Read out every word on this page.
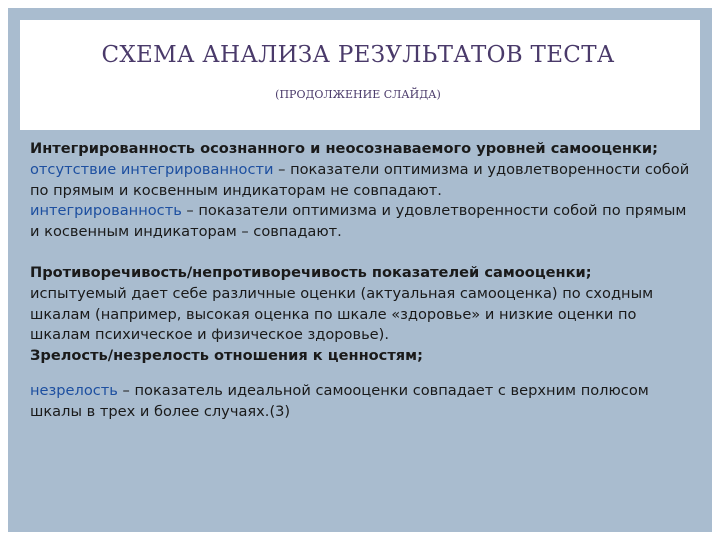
СХЕМА АНАЛИЗА РЕЗУЛЬТАТОВ ТЕСТА
(ПРОДОЛЖЕНИЕ СЛАЙДА)

Интегрированность осознанного и неосознаваемого уровней самооценки;
отсутствие интегрированности – показатели оптимизма и удовлетворенности собой по прямым и косвенным индикаторам не совпадают.
интегрированность – показатели оптимизма и удовлетворенности собой по прямым и косвенным индикаторам – совпадают.

Противоречивость/непротиворечивость показателей самооценки;
испытуемый дает себе различные оценки (актуальная самооценка) по сходным шкалам (например, высокая оценка по шкале «здоровье» и низкие оценки по шкалам психическое и физическое здоровье).
Зрелость/незрелость отношения к ценностям;

незрелость – показатель идеальной самооценки совпадает с верхним полюсом шкалы в трех и более случаях.(3)
